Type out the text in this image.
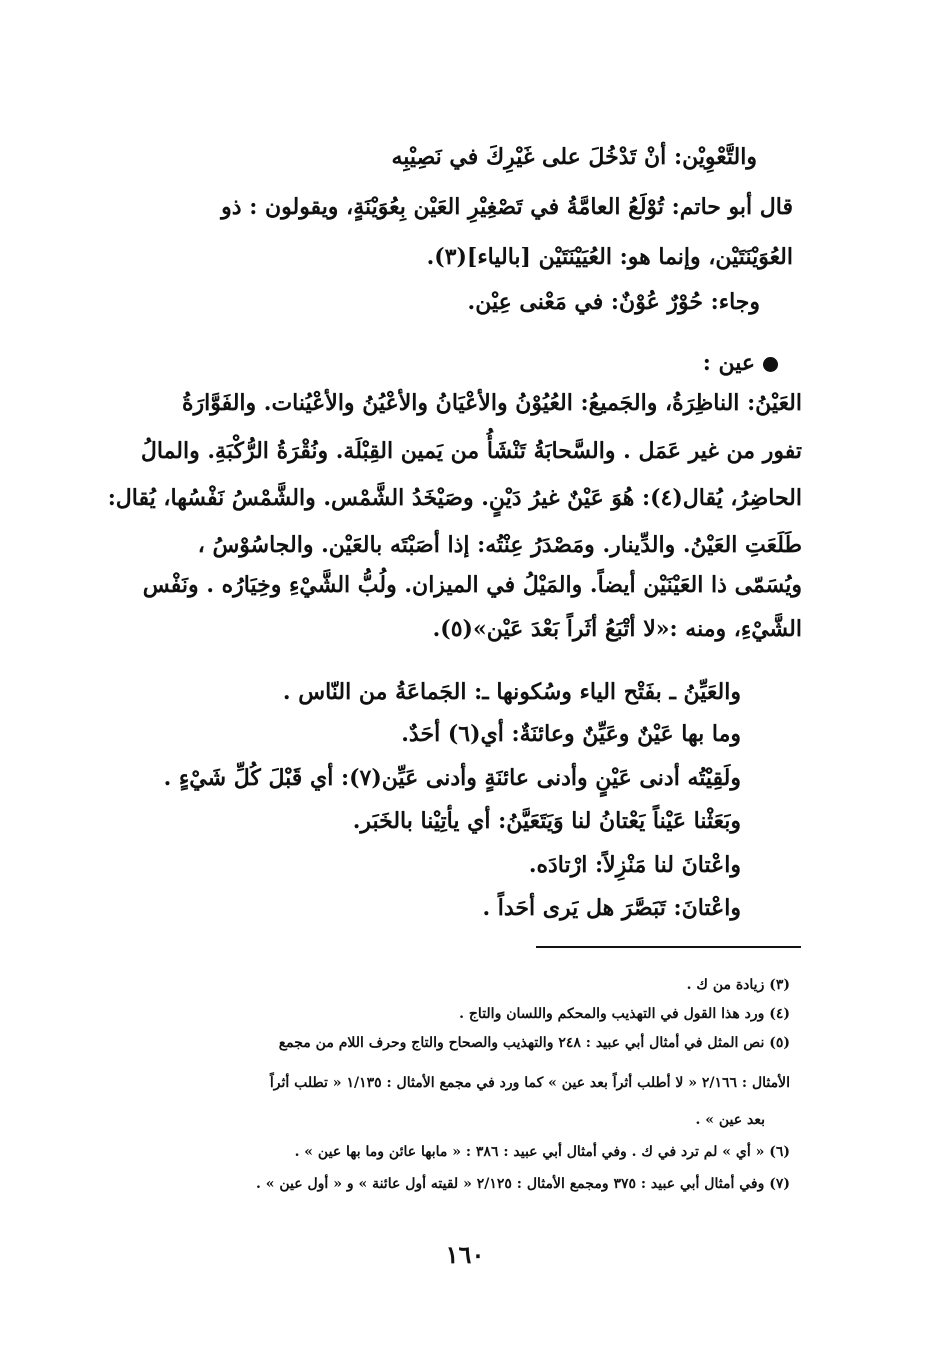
والتَّعْوِيْن: أنْ تَدْخُلَ على غَيْرِكَ في نَصِيْبِه
قال أبو حاتم: تُوْلَعُ العامَّةُ في تَصْغِيْرِ العَيْن بِعُوَيْنَةٍ، ويقولون : ذو
العُوَيْنَتَيْن، وإنما هو: العُيَيْنَتَيْن [بالياء](٣).
وجاء: حُوْرٌ عُوْنٌ: في مَعْنى عِيْن.
عين :
العَيْنُ: الناظِرَةُ، والجَميعُ: العُيُوْنُ والأعْيَانُ والأعْيُنُ والأعْيُنات. والفَوَّارَةُ
تفور من غير عَمَل . والسَّحابَةُ تَنْشَأُ من يَمين القِبْلَة. ونُقْرَةُ الرُّكْبَةِ. والمالُ
الحاضِرُ، يُقال(٤): هُوَ عَيْنٌ غيرُ دَيْنٍ. وصَيْخَدُ الشَّمْس. والشَّمْسُ نَفْسُها، يُقال:
طَلَعَتِ العَيْنُ. والدِّينار. ومَصْدَرُ عِنْتُه: إذا أصَبْتَه بالعَيْن. والجاسُوْسُ ،
ويُسَمّى ذا العَيْنَيْن أيضاً. والمَيْلُ في الميزان. ولُبُّ الشَّيْءِ وخِيَارُه . ونَفْس
الشَّيْءِ، ومنه :«لا أتْبَعُ أثَراً بَعْدَ عَيْن»(٥).
والعَيِّنُ ـ بفَتْح الياء وسُكونها ـ: الجَماعَةُ من النّاس .
وما بها عَيْنٌ وعَيِّنٌ وعائنَةٌ: أي(٦) أحَدٌ.
ولَقِيْتُه أدنى عَيْنٍ وأدنى عائنَةٍ وأدنى عَيِّن(٧): أي قَبْلَ كُلِّ شَيْءٍ .
وبَعَثْنا عَيْناً يَعْتانُ لنا وَيَتَعَيَّنُ: أي يأتِيْنا بالخَبَر.
واعْتانَ لنا مَنْزِلاً: ارْتادَه.
واعْتانَ: تَبَصَّرَ هل يَرى أحَداً .
(٣) زيادة من ك .
(٤) ورد هذا القول في التهذيب والمحكم واللسان والتاج .
(٥) نص المثل في أمثال أبي عبيد : ٢٤٨ والتهذيب والصحاح والتاج وحرف اللام من مجمع
الأمثال : ٢/١٦٦ « لا أطلب أثراً بعد عين » كما ورد في مجمع الأمثال : ١/١٣٥ « تطلب أثراً
بعد عين » .
(٦) « أي » لم ترد في ك . وفي أمثال أبي عبيد : ٣٨٦ : « مابها عائن وما بها عين » .
(٧) وفي أمثال أبي عبيد : ٣٧٥ ومجمع الأمثال : ٢/١٢٥ « لقيته أول عائنة » و « أول عين » .
١٦٠
